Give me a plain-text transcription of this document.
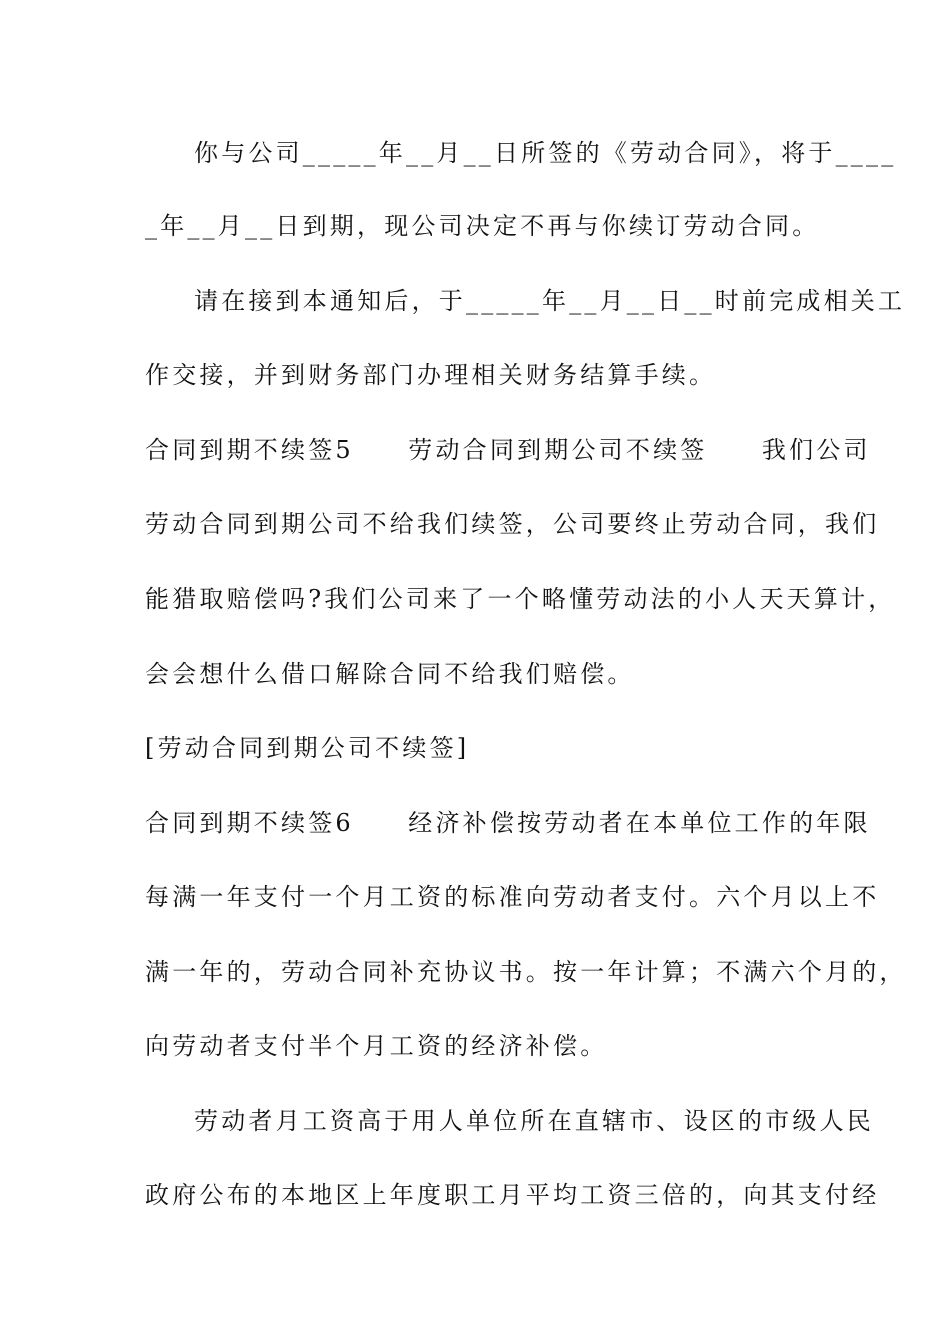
你与公司_____年__月__日所签的《劳动合同》，将于____
_年__月__日到期，现公司决定不再与你续订劳动合同。
请在接到本通知后，于_____年__月__日__时前完成相关工
作交接，并到财务部门办理相关财务结算手续。
合同到期不续签5　　劳动合同到期公司不续签　　我们公司
劳动合同到期公司不给我们续签，公司要终止劳动合同，我们
能猎取赔偿吗?我们公司来了一个略懂劳动法的小人天天算计，
会会想什么借口解除合同不给我们赔偿。
[劳动合同到期公司不续签]
合同到期不续签6　　经济补偿按劳动者在本单位工作的年限
每满一年支付一个月工资的标准向劳动者支付。六个月以上不
满一年的，劳动合同补充协议书。按一年计算；不满六个月的，
向劳动者支付半个月工资的经济补偿。
劳动者月工资高于用人单位所在直辖市、设区的市级人民
政府公布的本地区上年度职工月平均工资三倍的，向其支付经
